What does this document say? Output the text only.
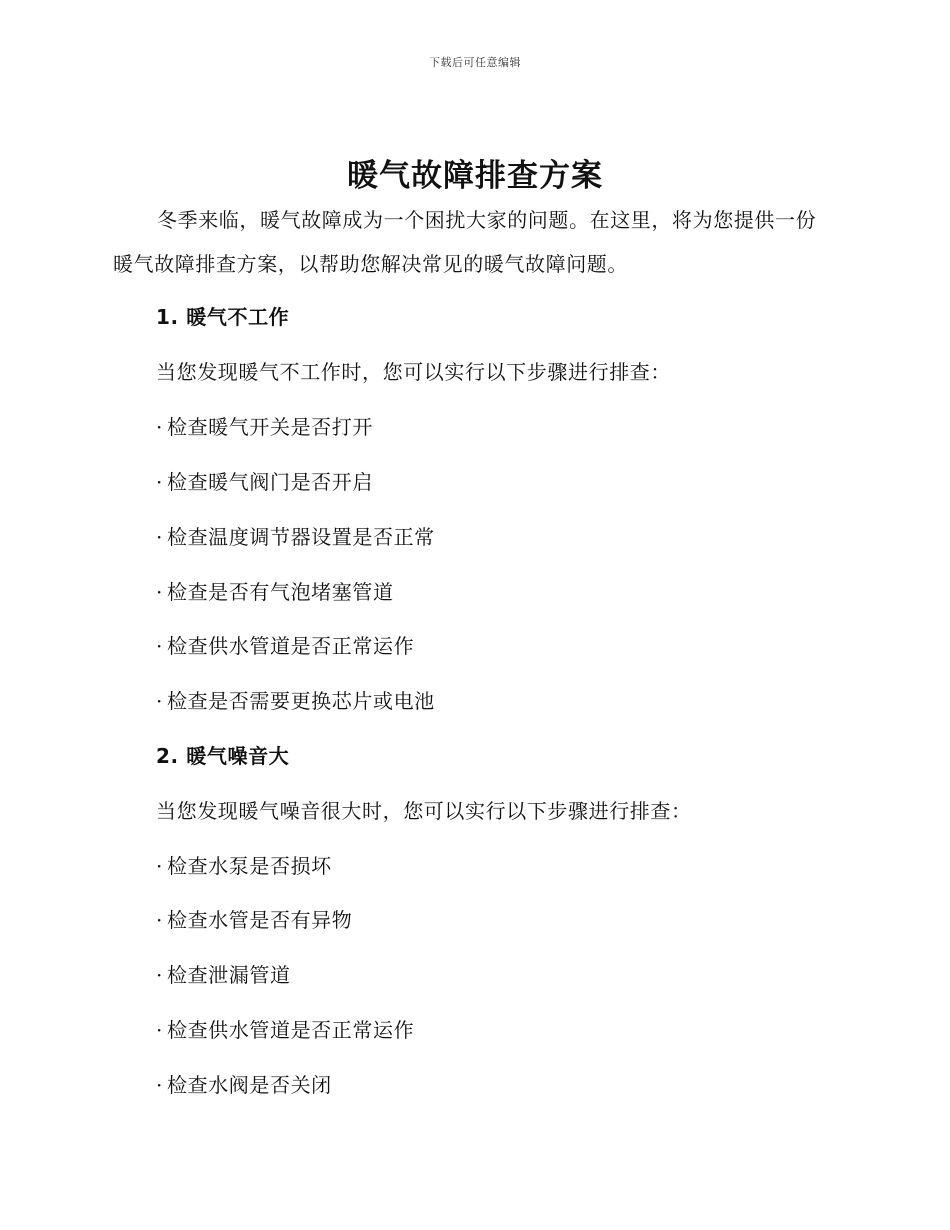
下载后可任意编辑
暖气故障排查方案

冬季来临，暖气故障成为一个困扰大家的问题。在这里，将为您提供一份暖气故障排查方案，以帮助您解决常见的暖气故障问题。

1. 暖气不工作

当您发现暖气不工作时，您可以实行以下步骤进行排查：

· 检查暖气开关是否打开

· 检查暖气阀门是否开启

· 检查温度调节器设置是否正常

· 检查是否有气泡堵塞管道

· 检查供水管道是否正常运作

· 检查是否需要更换芯片或电池

2. 暖气噪音大

当您发现暖气噪音很大时，您可以实行以下步骤进行排查：

· 检查水泵是否损坏

· 检查水管是否有异物

· 检查泄漏管道

· 检查供水管道是否正常运作

· 检查水阀是否关闭
